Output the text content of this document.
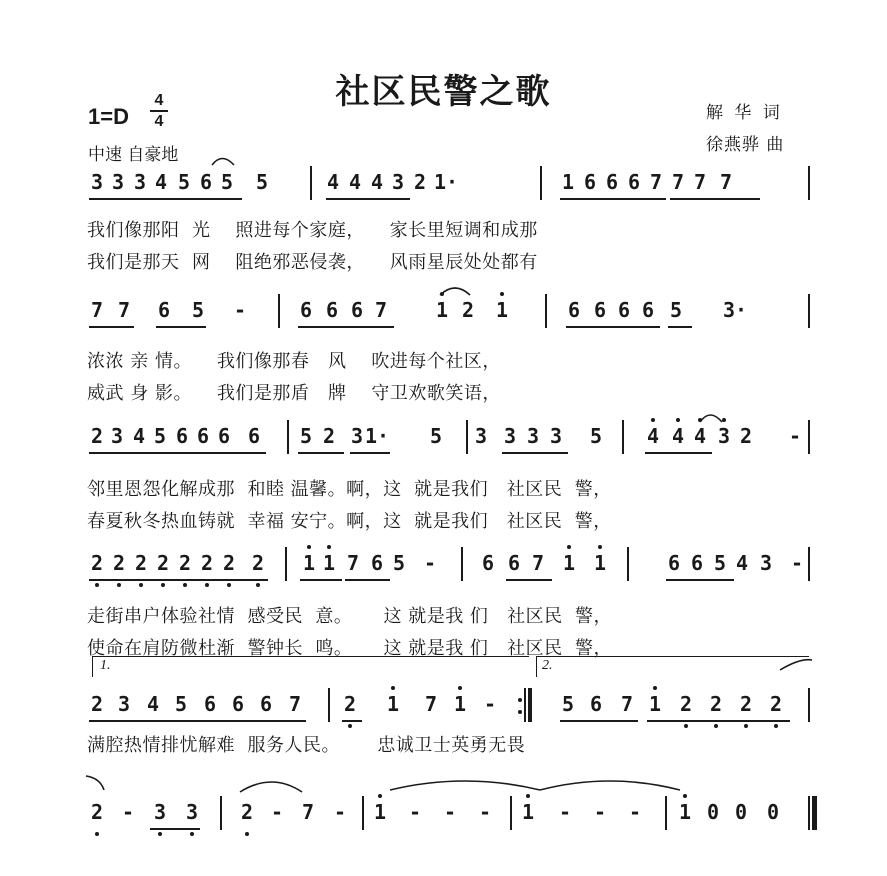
社区民警之歌
1=D
4
4
中速 自豪地
解 华 词
徐燕骅 曲
3 3 3 4 5 6 5 5	4 4 4 3 2 1·	1 6 6 6 7 7 7 7
我们像那阳  光    照进每个家庭，    家长里短调和成那
我们是那天  网    阻绝邪恶侵袭，    风雨星辰处处都有
7 7 6 5 -	6 6 6 7 1 2 1	6 6 6 6 5 3·
浓浓 亲 情。    我们像那春   风    吹进每个社区，
威武 身 影。    我们是那盾   牌    守卫欢歌笑语，
2 3 4 5 6 6 6 6 5 2 3 1· 5 3 3 3 3 5 4 4 4 3 2 -
邻里恩怨化解成那  和睦 温馨。啊，这  就是我们   社区民  警，
春夏秋冬热血铸就  幸福 安宁。啊，这  就是我们   社区民  警，
2 2 2 2 2 2 2 2 1 1 7 6 5 - 6 6 7 1 1	6 6 5 4 3 -
走街串户体验社情  感受民  意。     这 就是我 们   社区民  警，
使命在肩防微杜渐  警钟长  鸣。     这 就是我 们   社区民  警，
2 3 4 5 6 6 6 7 2 1 7 1 -	5 6 7 1 2 2 2 2
满腔热情排忧解难  服务人民。      忠诚卫士英勇无畏
2 - 3 3 2 - 7 - 1 - - - 1 - - - 1 0 0 0
1.	2.
